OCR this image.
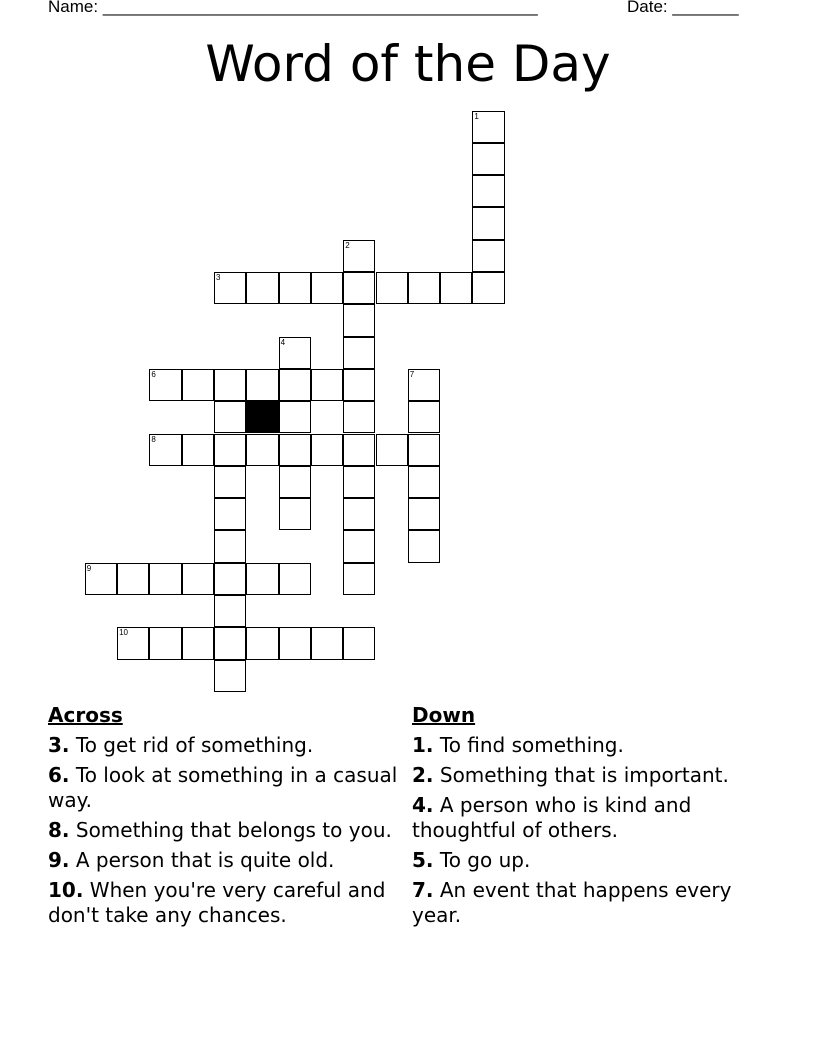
Name: ______________________________________________	Date: _______
Word of the Day
1
2
3
4
6	7
8
9
10
Across
3. To get rid of something.
6. To look at something in a casual way.
8. Something that belongs to you.
9. A person that is quite old.
10. When you're very careful and don't take any chances.
Down
1. To find something.
2. Something that is important.
4. A person who is kind and thoughtful of others.
5. To go up.
7. An event that happens every year.
